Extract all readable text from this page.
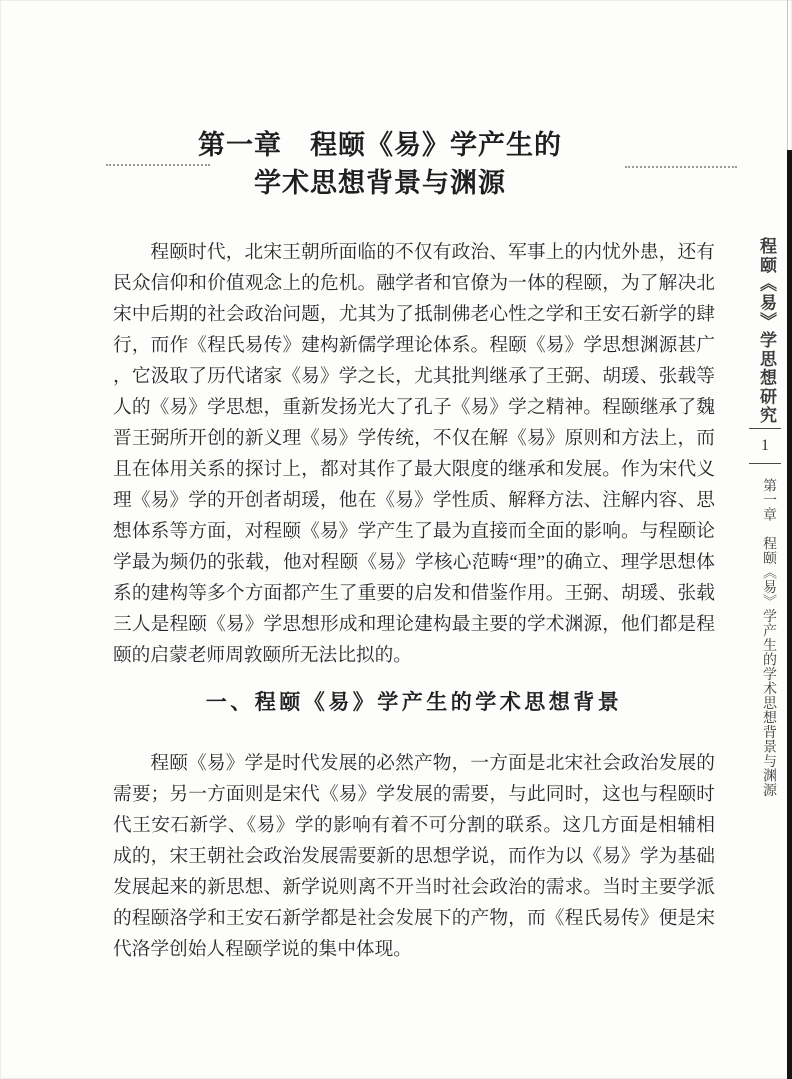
第一章　程颐《易》学产生的
学术思想背景与渊源

程颐时代，北宋王朝所面临的不仅有政治、军事上的内忧外患，还有民众信仰和价值观念上的危机。融学者和官僚为一体的程颐，为了解决北宋中后期的社会政治问题，尤其为了抵制佛老心性之学和王安石新学的肆行，而作《程氏易传》建构新儒学理论体系。程颐《易》学思想渊源甚广，它汲取了历代诸家《易》学之长，尤其批判继承了王弼、胡瑗、张载等人的《易》学思想，重新发扬光大了孔子《易》学之精神。程颐继承了魏晋王弼所开创的新义理《易》学传统，不仅在解《易》原则和方法上，而且在体用关系的探讨上，都对其作了最大限度的继承和发展。作为宋代义理《易》学的开创者胡瑗，他在《易》学性质、解释方法、注解内容、思想体系等方面，对程颐《易》学产生了最为直接而全面的影响。与程颐论学最为频仍的张载，他对程颐《易》学核心范畴“理”的确立、理学思想体系的建构等多个方面都产生了重要的启发和借鉴作用。王弼、胡瑗、张载三人是程颐《易》学思想形成和理论建构最主要的学术渊源，他们都是程颐的启蒙老师周敦颐所无法比拟的。

一、程颐《易》学产生的学术思想背景

程颐《易》学是时代发展的必然产物，一方面是北宋社会政治发展的需要；另一方面则是宋代《易》学发展的需要，与此同时，这也与程颐时代王安石新学、《易》学的影响有着不可分割的联系。这几方面是相辅相成的，宋王朝社会政治发展需要新的思想学说，而作为以《易》学为基础发展起来的新思想、新学说则离不开当时社会政治的需求。当时主要学派的程颐洛学和王安石新学都是社会发展下的产物，而《程氏易传》便是宋代洛学创始人程颐学说的集中体现。

程颐《易》学思想研究
1
第一章　程颐《易》学产生的学术思想背景与渊源
